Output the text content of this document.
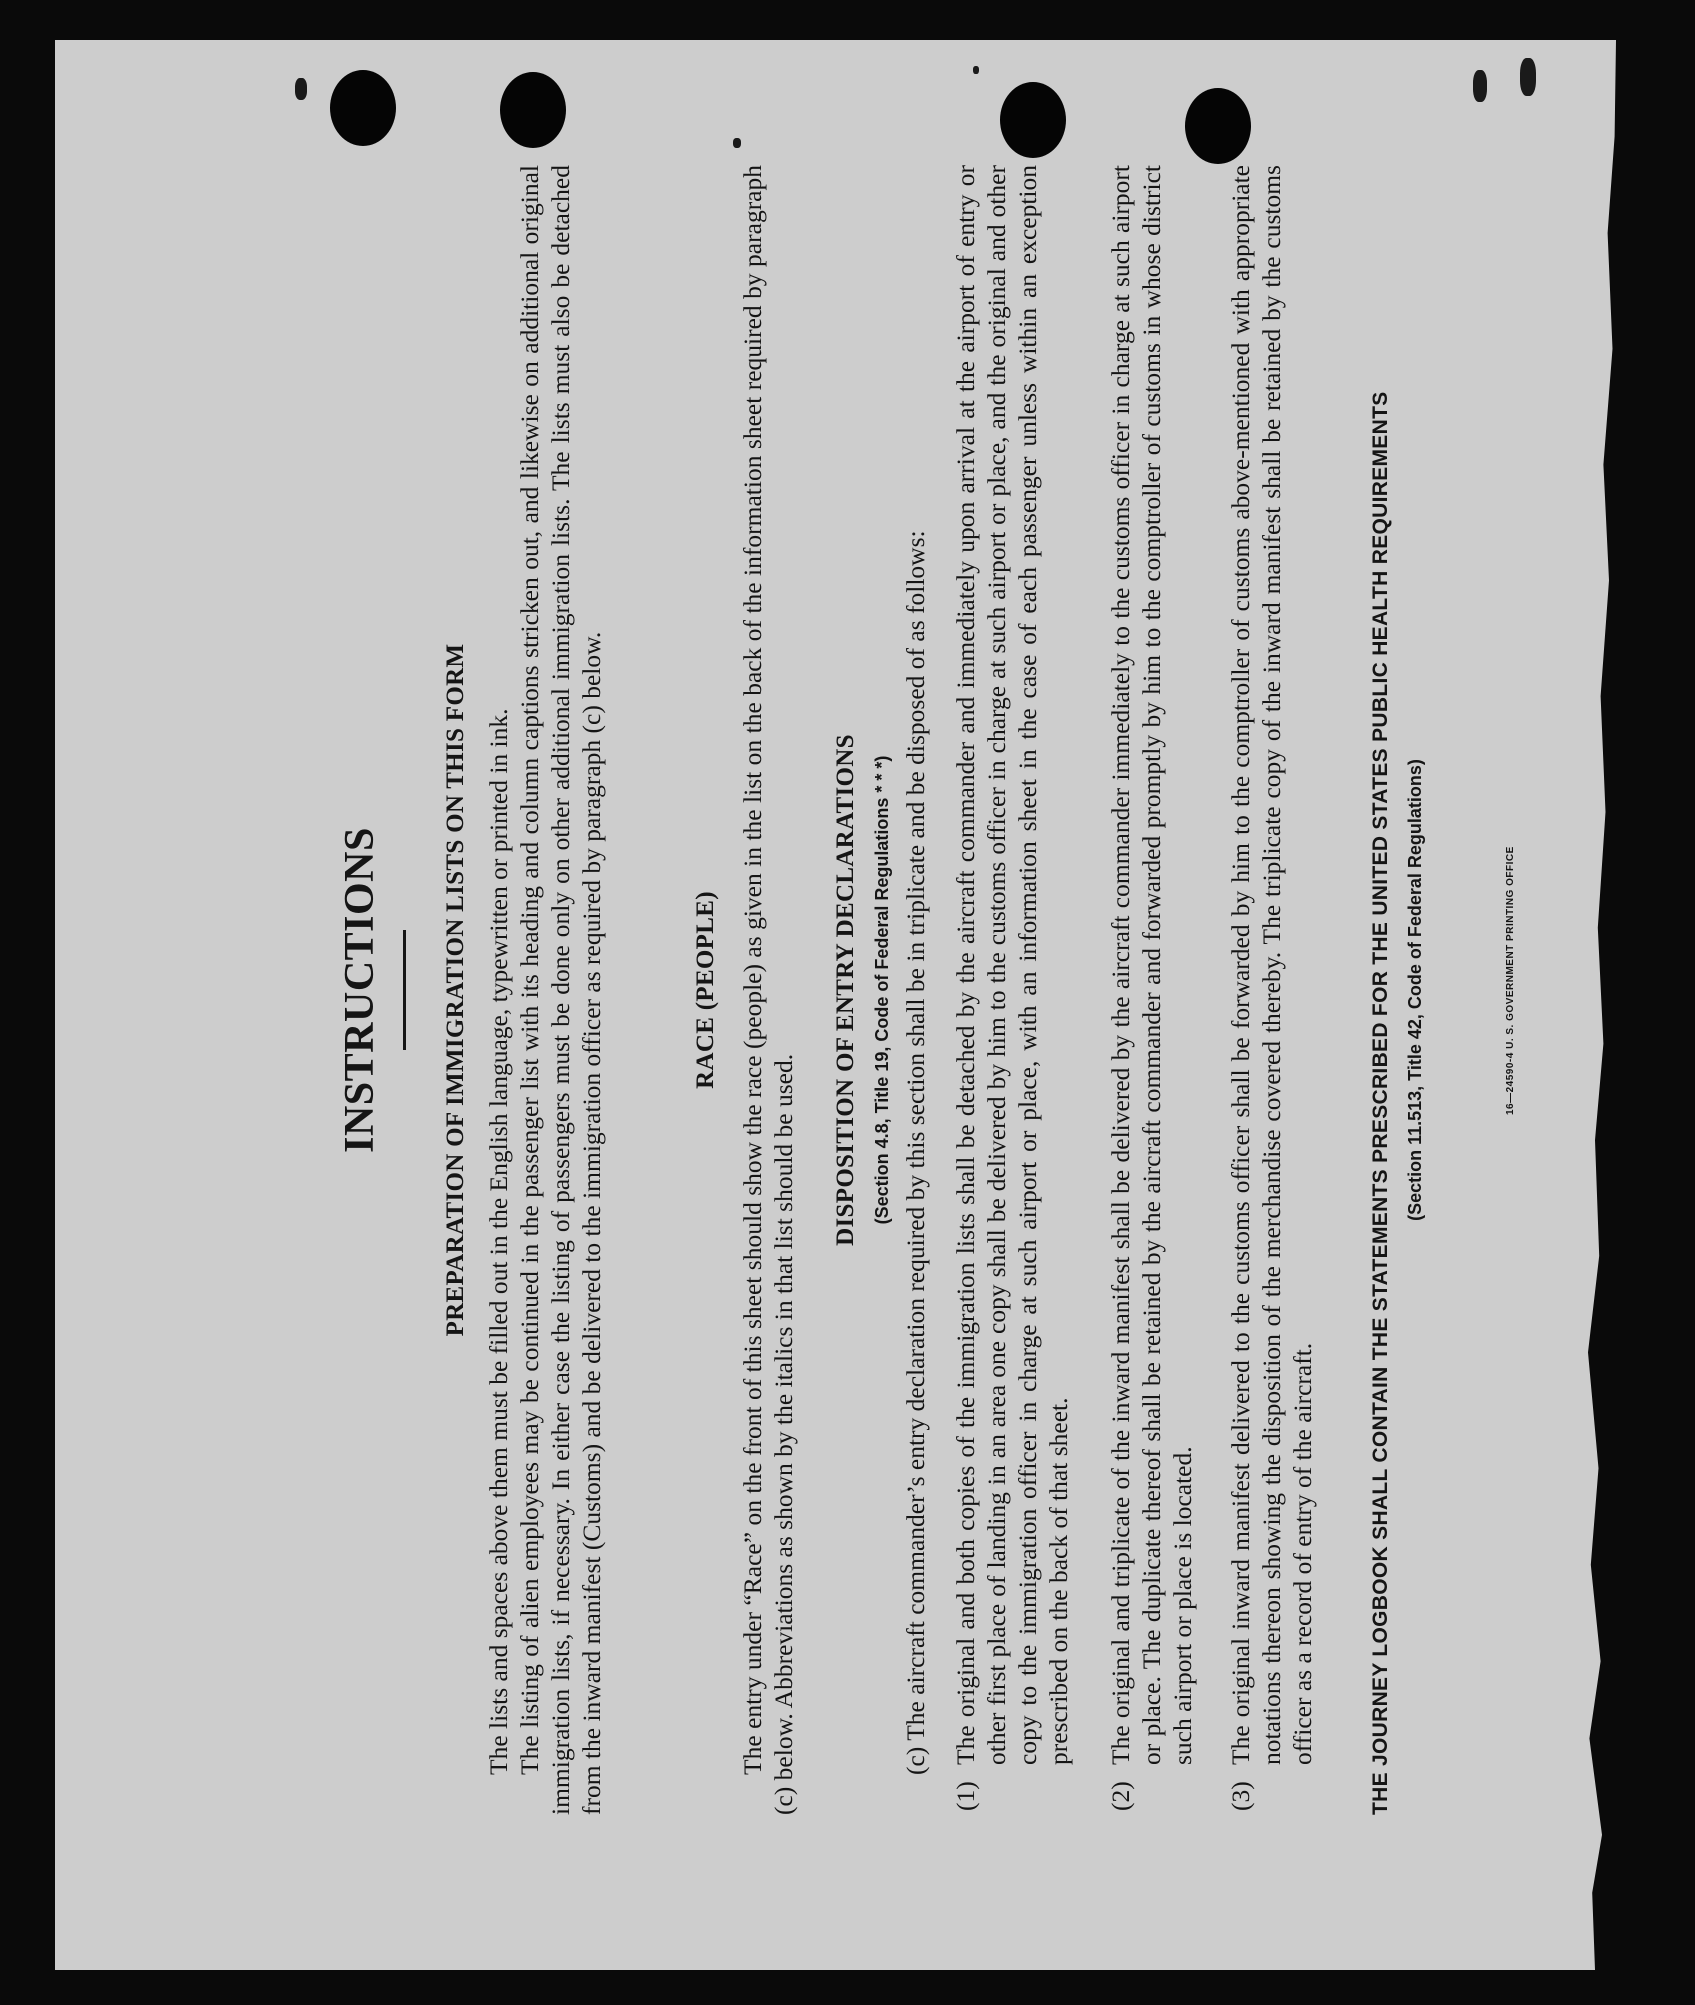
INSTRUCTIONS PREPARATION OF IMMIGRATION LISTS ON THIS FORM The lists and spaces above them must be filled out in the English language, typewritten or printed in ink. The listing of alien employees may be continued in the passenger list with its heading and column captions stricken out, and likewise on additional original immigration lists, if necessary. In either case the listing of passengers must be done only on other additional immigration lists. The lists must also be detached from the inward manifest (Customs) and be delivered to the immigration officer as required by paragraph (c) below.	RACE (PEOPLE) The entry under “Race” on the front of this sheet should show the race (people) as given in the list on the back of the information sheet required by paragraph (c) below. Abbreviations as shown by the italics in that list should be used.

DISPOSITION OF ENTRY DECLARATIONS (Section 4.8, Title 19, Code of Federal Regulations * * *) (c) The aircraft commander’s entry declaration required by this section shall be in triplicate and be disposed of as follows:

(1)
The original and both copies of the immigration lists shall be detached by the aircraft commander and immediately upon arrival at the airport of entry or other first place of landing in an area one copy shall be delivered by him to the customs officer in charge at such airport or place, and the original and other copy to the immigration officer in charge at such airport or place, with an information sheet in the case of each passenger unless within an exception prescribed on the back of that sheet.
(2)
The original and triplicate of the inward manifest shall be delivered by the aircraft commander immediately to the customs officer in charge at such airport or place. The duplicate thereof shall be retained by the aircraft commander and forwarded promptly by him to the comptroller of customs in whose district such airport or place is located.
(3)
The original inward manifest delivered to the customs officer shall be forwarded by him to the comptroller of customs above-mentioned with appropriate notations thereon showing the disposition of the merchandise covered thereby. The triplicate copy of the inward manifest shall be retained by the customs officer as a record of entry of the aircraft. THE JOURNEY LOGBOOK SHALL CONTAIN THE STATEMENTS PRESCRIBED FOR THE UNITED STATES PUBLIC HEALTH REQUIREMENTS (Section 11.513, Title 42, Code of Federal Regulations)	16—24590-4 U. S. GOVERNMENT PRINTING OFFICE
